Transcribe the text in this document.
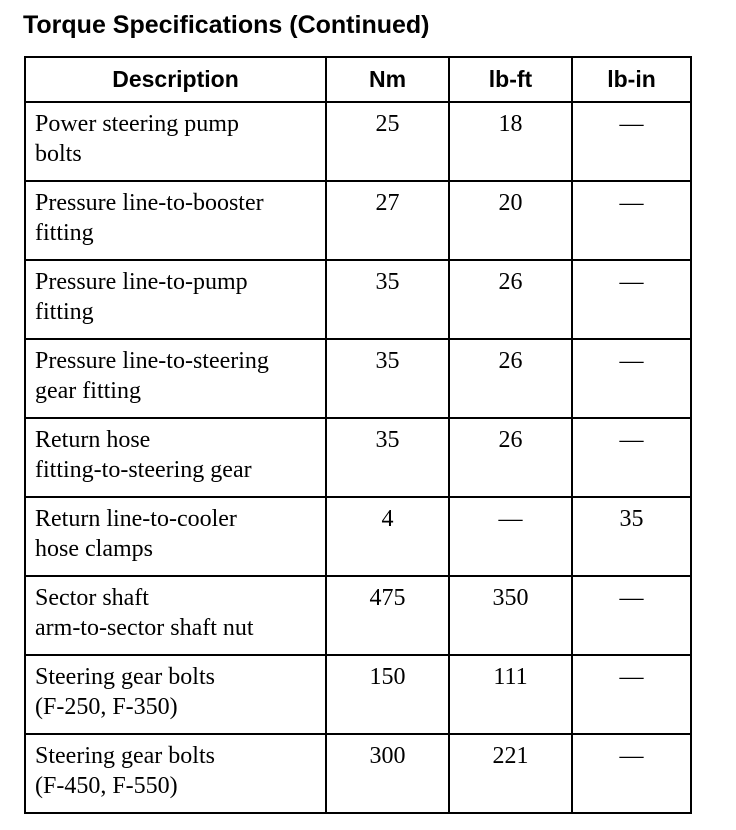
Torque Specifications (Continued)
Description	Nm	lb-ft	lb-in
Power steering pump
bolts	25	18	—
Pressure line-to-booster
fitting	27	20	—
Pressure line-to-pump
fitting	35	26	—
Pressure line-to-steering
gear fitting	35	26	—
Return hose
fitting-to-steering gear	35	26	—
Return line-to-cooler
hose clamps	4	—	35
Sector shaft
arm-to-sector shaft nut	475	350	—
Steering gear bolts
(F-250, F-350)	150	111	—
Steering gear bolts
(F-450, F-550)	300	221	—
